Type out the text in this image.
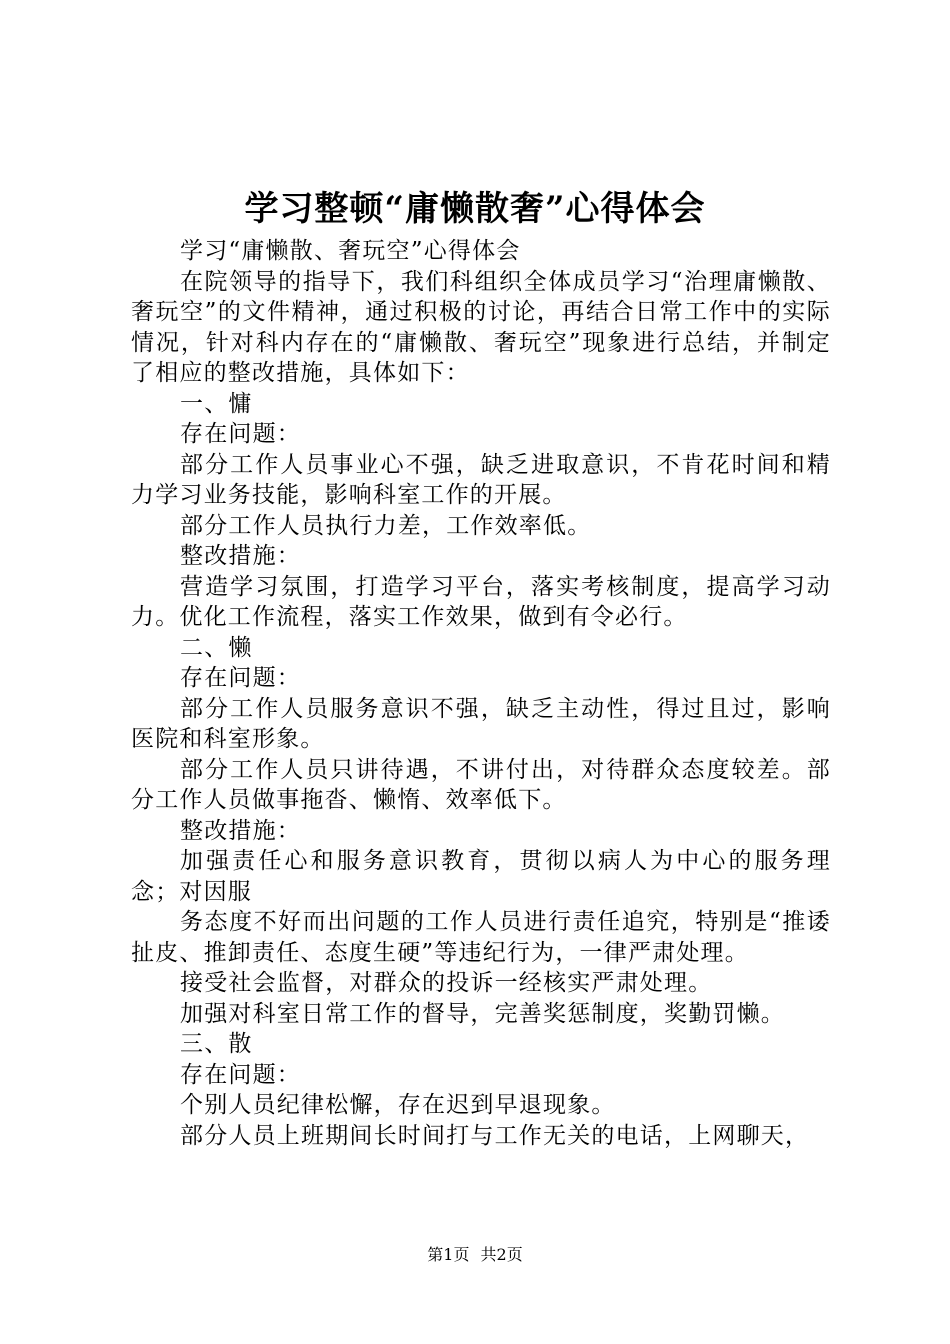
学习整顿“庸懒散奢”心得体会

学习“庸懒散、奢玩空”心得体会

在院领导的指导下，我们科组织全体成员学习“治理庸懒散、奢玩空”的文件精神，通过积极的讨论，再结合日常工作中的实际情况，针对科内存在的“庸懒散、奢玩空”现象进行总结，并制定了相应的整改措施，具体如下：

一、慵

存在问题：

部分工作人员事业心不强，缺乏进取意识，不肯花时间和精力学习业务技能，影响科室工作的开展。

部分工作人员执行力差，工作效率低。

整改措施：

营造学习氛围，打造学习平台，落实考核制度，提高学习动力。优化工作流程，落实工作效果，做到有令必行。

二、懒

存在问题：

部分工作人员服务意识不强，缺乏主动性，得过且过，影响医院和科室形象。

部分工作人员只讲待遇，不讲付出，对待群众态度较差。部分工作人员做事拖沓、懒惰、效率低下。

整改措施：

加强责任心和服务意识教育，贯彻以病人为中心的服务理念；对因服

务态度不好而出问题的工作人员进行责任追究，特别是“推诿扯皮、推卸责任、态度生硬”等违纪行为，一律严肃处理。

接受社会监督，对群众的投诉一经核实严肃处理。

加强对科室日常工作的督导，完善奖惩制度，奖勤罚懒。

三、散

存在问题：

个别人员纪律松懈，存在迟到早退现象。

部分人员上班期间长时间打与工作无关的电话，上网聊天，

第1页 共2页
